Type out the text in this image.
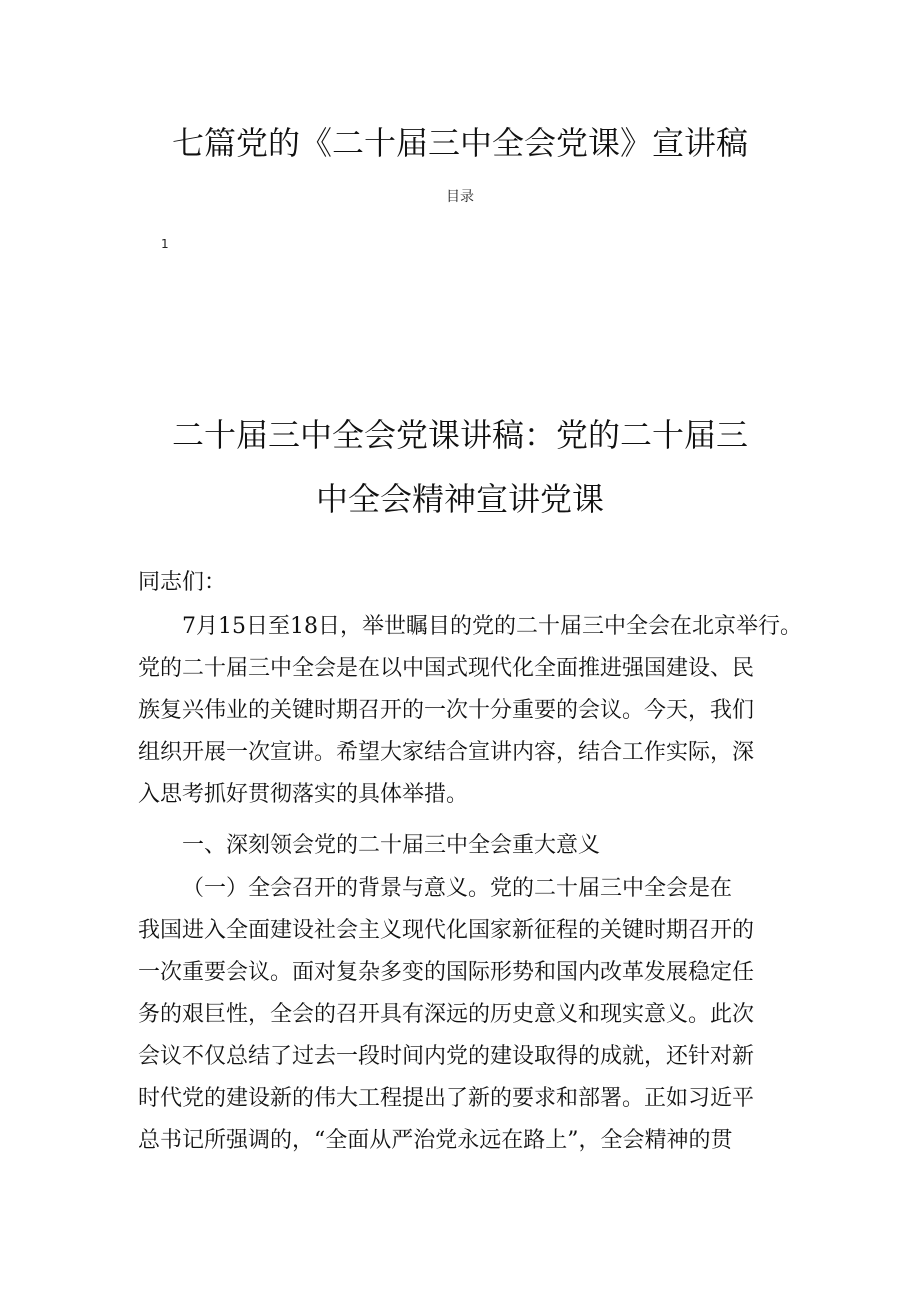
七篇党的《二十届三中全会党课》宣讲稿
目录
1
二十届三中全会党课讲稿：党的二十届三
中全会精神宣讲党课
同志们：
7月15日至18日，举世瞩目的党的二十届三中全会在北京举行。
党的二十届三中全会是在以中国式现代化全面推进强国建设、民
族复兴伟业的关键时期召开的一次十分重要的会议。今天，我们
组织开展一次宣讲。希望大家结合宣讲内容，结合工作实际，深
入思考抓好贯彻落实的具体举措。
一、深刻领会党的二十届三中全会重大意义
（一）全会召开的背景与意义。党的二十届三中全会是在
我国进入全面建设社会主义现代化国家新征程的关键时期召开的
一次重要会议。面对复杂多变的国际形势和国内改革发展稳定任
务的艰巨性，全会的召开具有深远的历史意义和现实意义。此次
会议不仅总结了过去一段时间内党的建设取得的成就，还针对新
时代党的建设新的伟大工程提出了新的要求和部署。正如习近平
总书记所强调的，“全面从严治党永远在路上”，全会精神的贯
